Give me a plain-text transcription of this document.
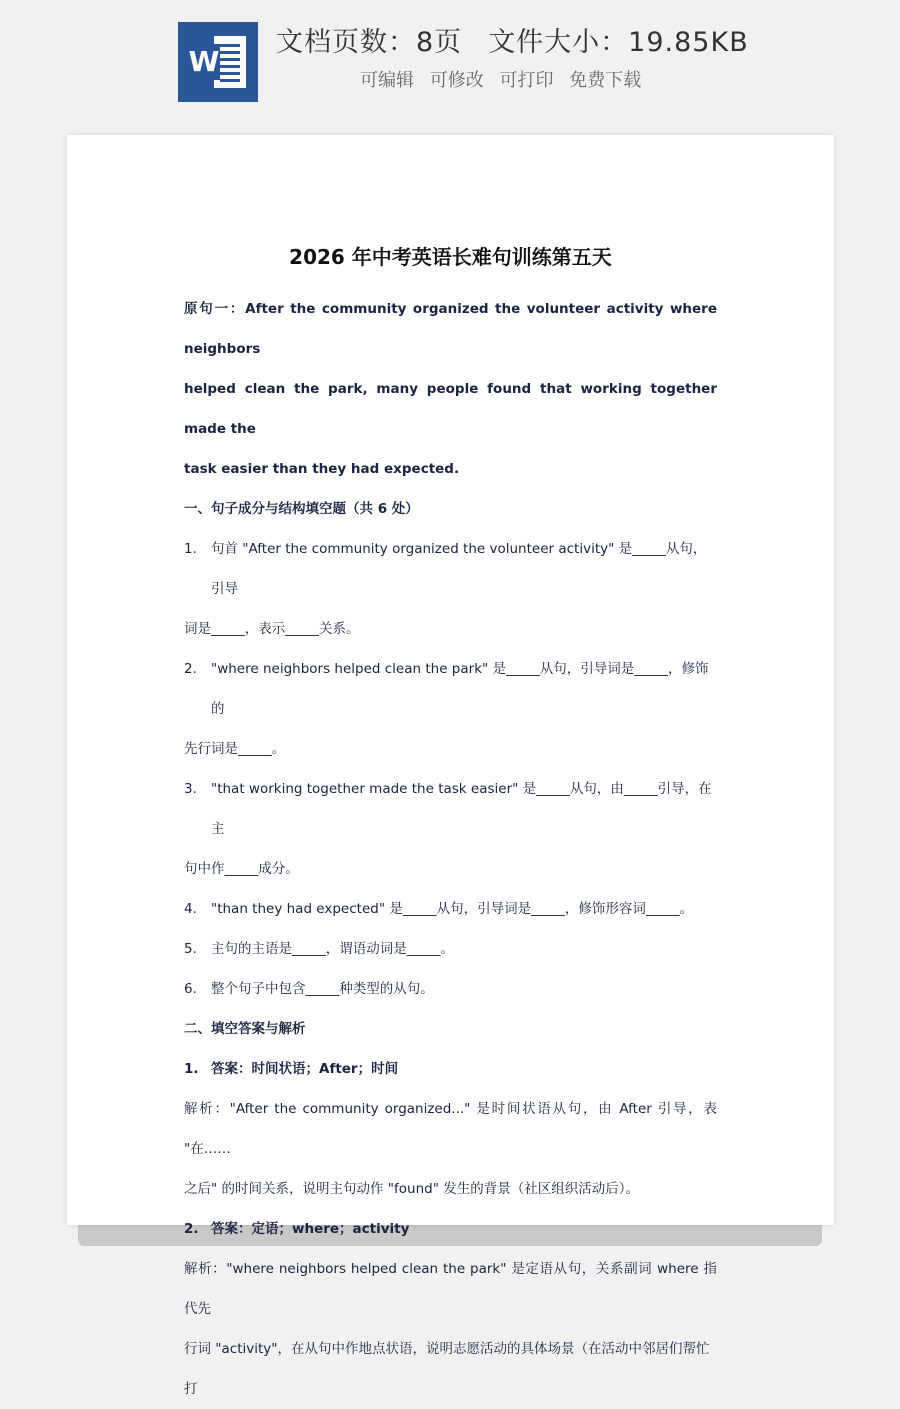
W
文档页数：8页 文件大小：19.85KB
可编辑 可修改 可打印 免费下载
2026 年中考英语长难句训练第五天

原句一：After the community organized the volunteer activity where neighbors

helped clean the park, many people found that working together made the

task easier than they had expected.

一、句子成分与结构填空题（共 6 处）

1.	句首 "After the community organized the volunteer activity" 是_____从句，引导

词是_____，表示_____关系。

2.	"where neighbors helped clean the park" 是_____从句，引导词是_____，修饰的

先行词是_____。

3.	"that working together made the task easier" 是_____从句，由_____引导，在主

句中作_____成分。

4.	"than they had expected" 是_____从句，引导词是_____，修饰形容词_____。
5.	主句的主语是_____，谓语动词是_____。
6.	整个句子中包含_____种类型的从句。

二、填空答案与解析

1. 答案：时间状语；After；时间

解析："After the community organized..." 是时间状语从句，由 After 引导，表 "在……

之后" 的时间关系，说明主句动作 "found" 发生的背景（社区组织活动后）。

2. 答案：定语；where；activity

解析："where neighbors helped clean the park" 是定语从句，关系副词 where 指代先

行词 "activity"，在从句中作地点状语，说明志愿活动的具体场景（在活动中邻居们帮忙打
